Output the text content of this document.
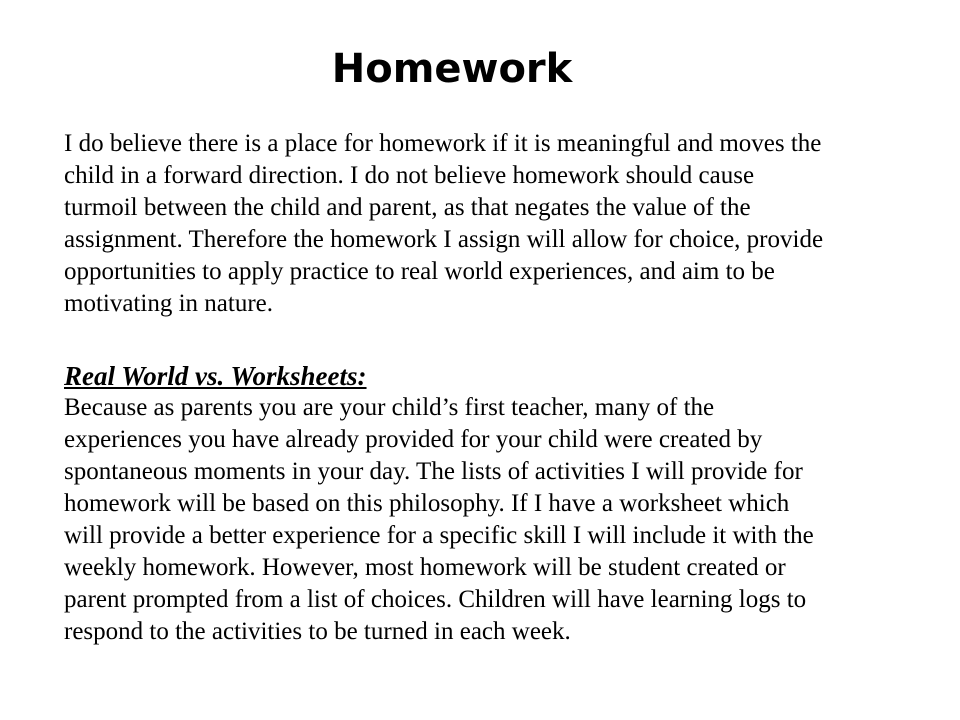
Homework
I do believe there is a place for homework if it is meaningful and moves the
child in a forward direction. I do not believe homework should cause
turmoil between the child and parent, as that negates the value of the
assignment. Therefore the homework I assign will allow for choice, provide
opportunities to apply practice to real world experiences, and aim to be
motivating in nature.
Real World vs. Worksheets:
Because as parents you are your child’s first teacher, many of the
experiences you have already provided for your child were created by
spontaneous moments in your day. The lists of activities I will provide for
homework will be based on this philosophy. If I have a worksheet which
will provide a better experience for a specific skill I will include it with the
weekly homework. However, most homework will be student created or
parent prompted from a list of choices. Children will have learning logs to
respond to the activities to be turned in each week.
